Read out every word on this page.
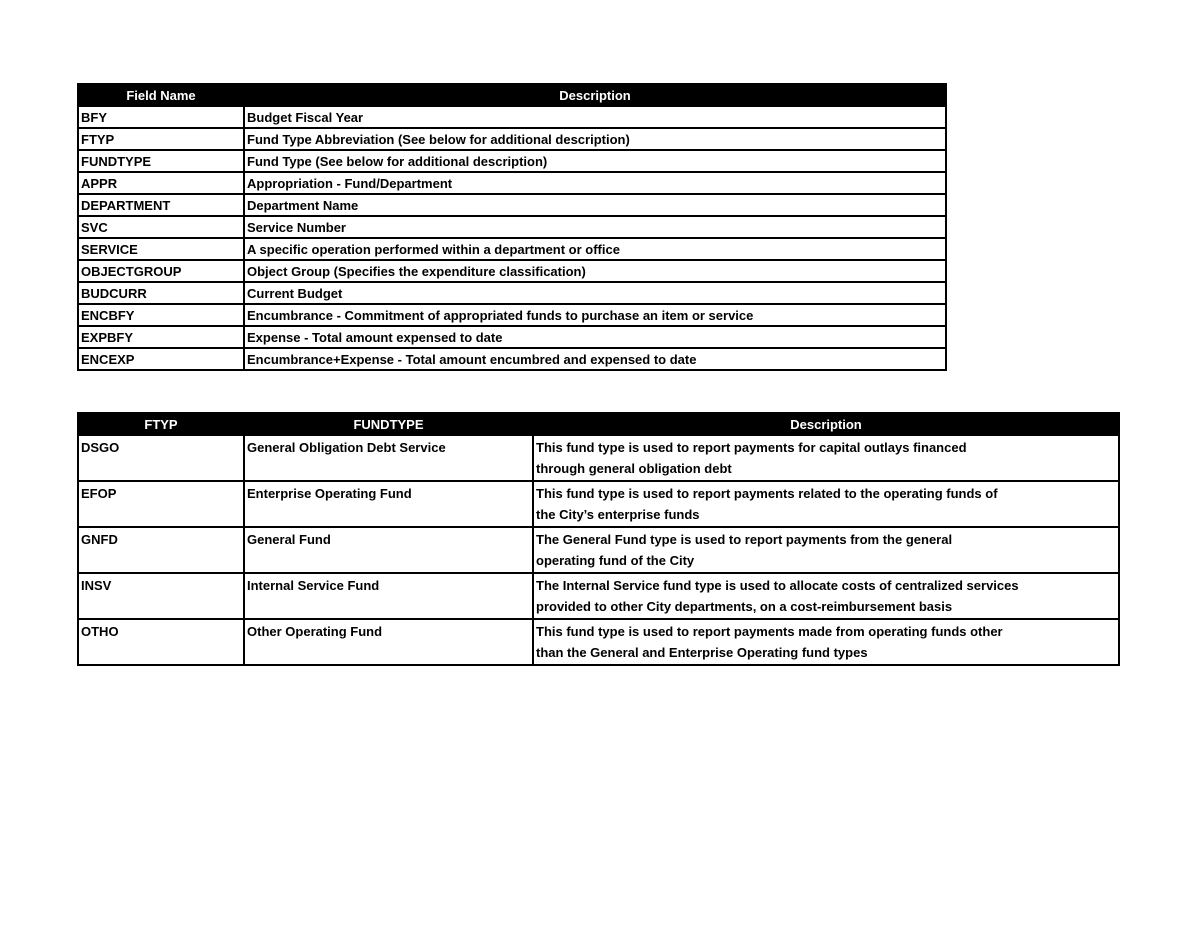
Field Name	Description
BFY	Budget Fiscal Year
FTYP	Fund Type Abbreviation (See below for additional description)
FUNDTYPE	Fund Type (See below for additional description)
APPR	Appropriation - Fund/Department
DEPARTMENT	Department Name
SVC	Service Number
SERVICE	A specific operation performed within a department or office
OBJECTGROUP	Object Group (Specifies the expenditure classification)
BUDCURR	Current Budget
ENCBFY	Encumbrance - Commitment of appropriated funds to purchase an item or service
EXPBFY	Expense - Total amount expensed to date
ENCEXP	Encumbrance+Expense - Total amount encumbred and expensed to date
FTYP	FUNDTYPE	Description
DSGO	General Obligation Debt Service	This fund type is used to report payments for capital outlays financed
through general obligation debt

EFOP	Enterprise Operating Fund	This fund type is used to report payments related to the operating funds of
the City’s enterprise funds

GNFD	General Fund	The General Fund type is used to report payments from the general
operating fund of the City

INSV	Internal Service Fund	The Internal Service fund type is used to allocate costs of centralized services
provided to other City departments, on a cost-reimbursement basis

OTHO	Other Operating Fund	This fund type is used to report payments made from operating funds other
than the General and Enterprise Operating fund types
